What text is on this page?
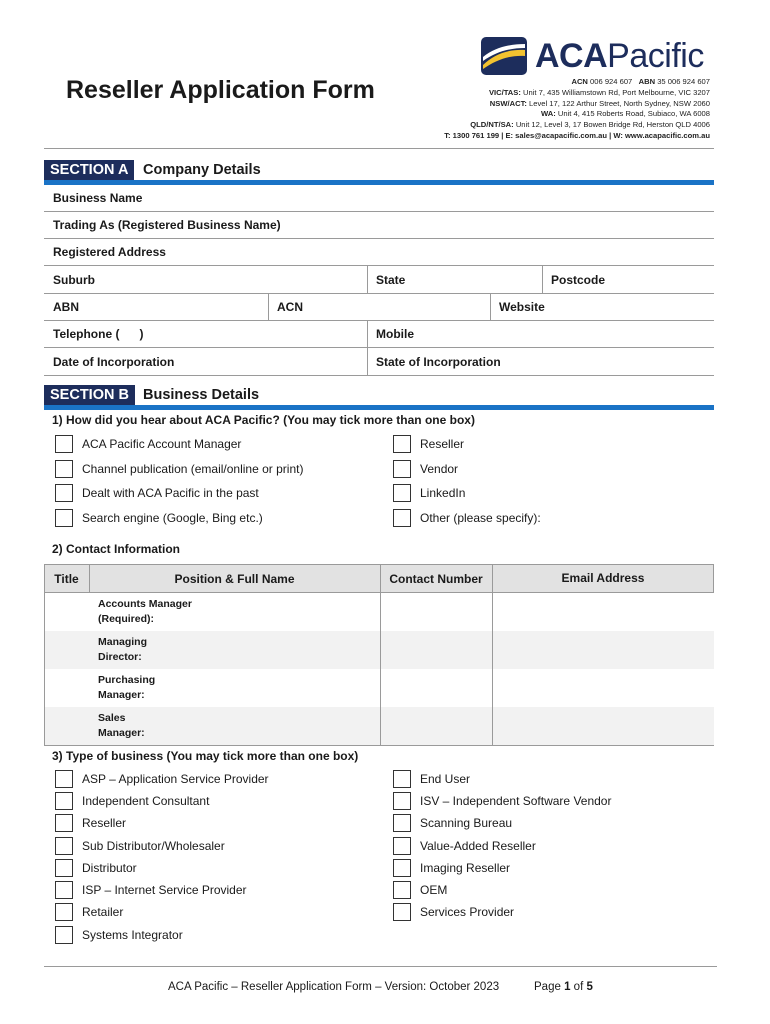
Reseller Application Form
ACAPacific
ACN 006 924 607 ABN 35 006 924 607
VIC/TAS: Unit 7, 435 Williamstown Rd, Port Melbourne, VIC 3207
NSW/ACT: Level 17, 122 Arthur Street, North Sydney, NSW 2060
WA: Unit 4, 415 Roberts Road, Subiaco, WA 6008
QLD/NT/SA: Unit 12, Level 3, 17 Bowen Bridge Rd, Herston QLD 4006
T: 1300 761 199 | E: sales@acapacific.com.au | W: www.acapacific.com.au
SECTION A	Company Details
Business Name
Trading As (Registered Business Name)
Registered Address
Suburb	State	Postcode
ABN	ACN	Website
Telephone (      )	Mobile
Date of Incorporation	State of Incorporation
SECTION B Business Details
1) How did you hear about ACA Pacific? (You may tick more than one box)
ACA Pacific Account Manager
Channel publication (email/online or print)
Dealt with ACA Pacific in the past
Search engine (Google, Bing etc.)
Reseller
Vendor
LinkedIn
Other (please specify):
2) Contact Information
Title	Position & Full Name	Contact Number	Email Address
Accounts Manager
(Required):
Managing
Director:
Purchasing
Manager:
Sales
Manager:
3) Type of business (You may tick more than one box)
ASP – Application Service Provider
Independent Consultant
Reseller
Sub Distributor/Wholesaler
Distributor
ISP – Internet Service Provider
Retailer
Systems Integrator
End User
ISV – Independent Software Vendor
Scanning Bureau
Value-Added Reseller
Imaging Reseller
OEM
Services Provider
ACA Pacific – Reseller Application Form – Version: October 2023	Page 1 of 5
